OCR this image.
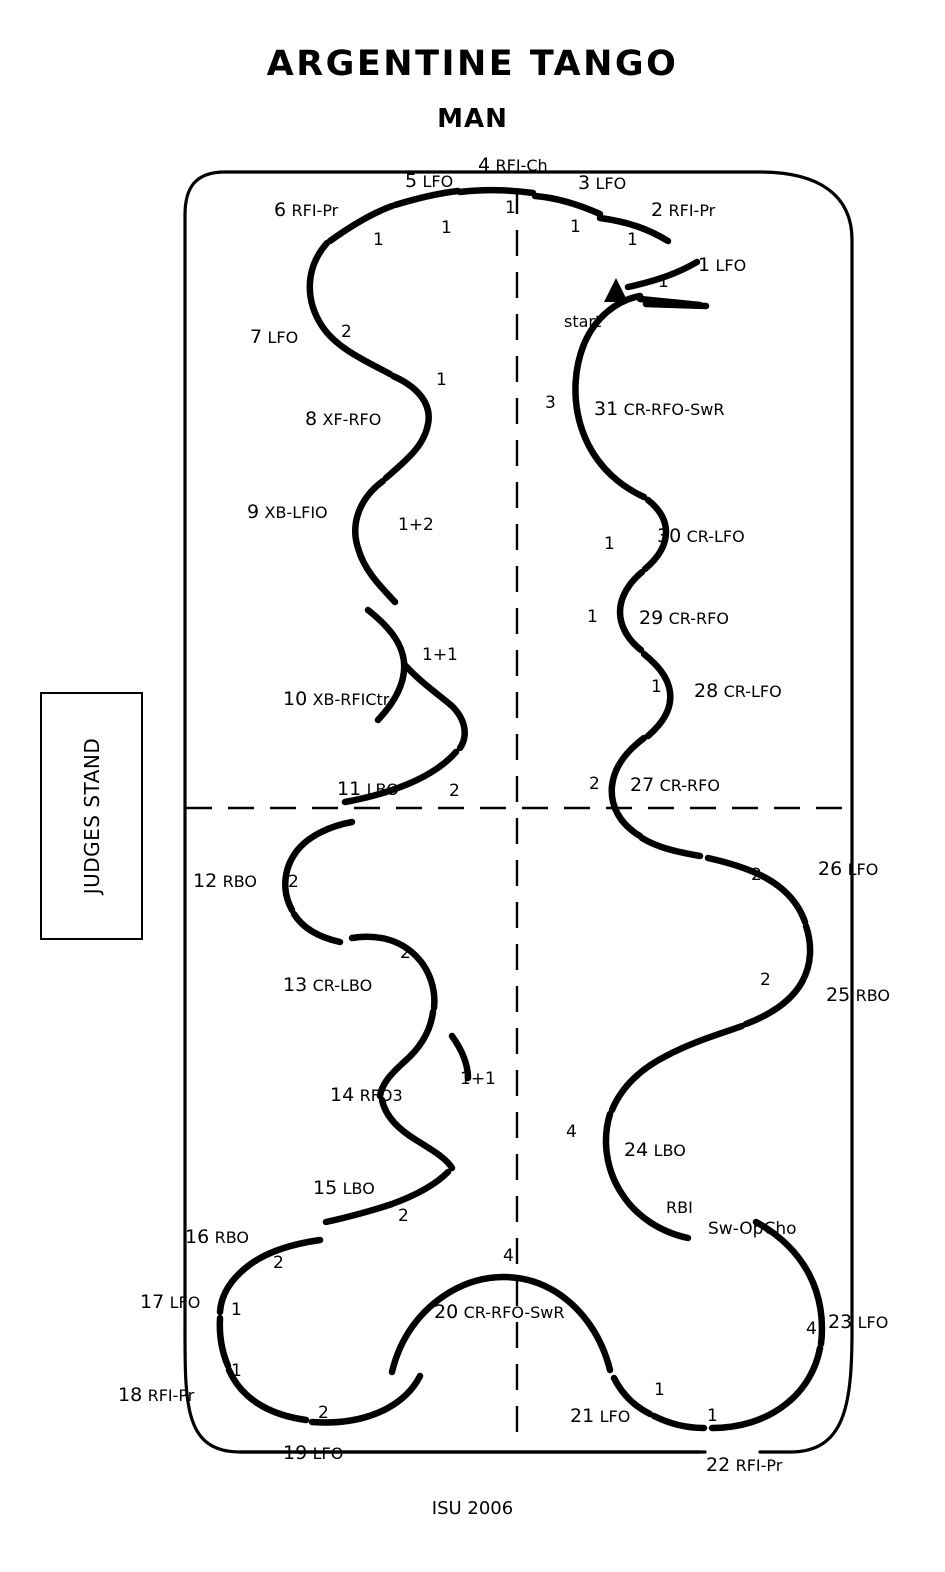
ARGENTINE TANGO
MAN
JUDGES STAND
start
RBI
Sw-OpCho
1 LFO
2 RFI-Pr
3 LFO
4 RFI-Ch
5 LFO
6 RFI-Pr
7 LFO
8 XF-RFO
9 XB-LFIO
10 XB-RFICtr
11 LBO
12 RBO
13 CR-LBO
14 RFO3
15 LBO
16 RBO
17 LFO
18 RFI-Pr
19 LFO
20 CR-RFO-SwR
21 LFO
22 RFI-Pr
23 LFO
24 LBO
25 RBO
26 LFO
27 CR-RFO
28 CR-LFO
29 CR-RFO
30 CR-LFO
31 CR-RFO-SwR
1
1
1
1
1
1
2
1
1+2
1+1
2
2
2
1+1
2
2
1
1
2
4
1
1
4
4
2
2
2
1
1
1
3
ISU 2006
